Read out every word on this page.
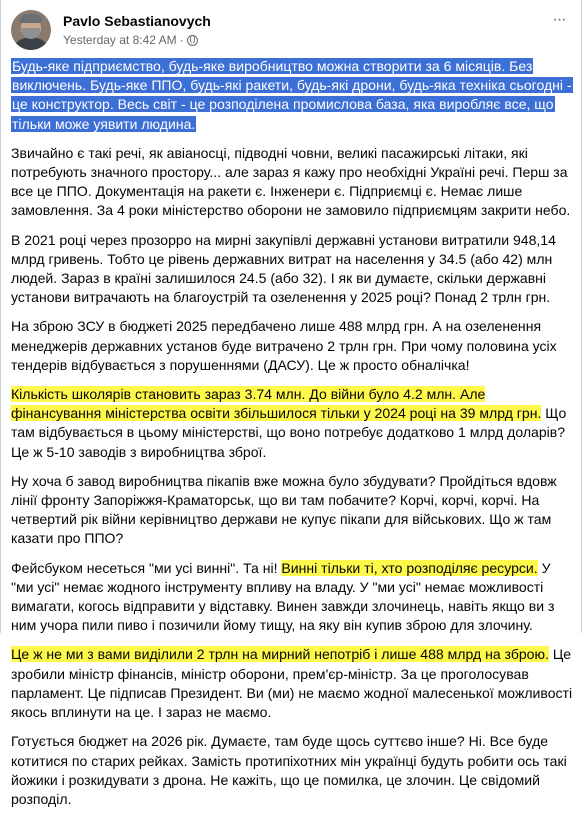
Pavlo Sebastianovych
Yesterday at 8:42 AM ·
···

Будь-яке підприємство, будь-яке виробництво можна створити за 6 місяців. Без виключень. Будь-яке ППО, будь-які ракети, будь-які дрони, будь-яка техніка сьогодні - це конструктор. Весь світ - це розподілена промислова база, яка виробляє все, що тільки може уявити людина.

Звичайно є такі речі, як авіаносці, підводні човни, великі пасажирські літаки, які потребують значного простору... але зараз я кажу про необхідні Україні речі. Перш за все це ППО. Документація на ракети є. Інженери є. Підприємці є. Немає лише замовлення. За 4 роки міністерство оборони не замовило підприємцям закрити небо.

В 2021 році через прозорро на мирні закупівлі державні установи витратили 948,14 млрд гривень. Тобто це рівень державних витрат на населення у 34.5 (або 42) млн людей. Зараз в країні залишилося 24.5 (або 32). І як ви думаєте, скільки державні установи витрачають на благоустрій та озеленення у 2025 році? Понад 2 трлн грн.

На зброю ЗСУ в бюджеті 2025 передбачено лише 488 млрд грн. А на озеленення менеджерів державних установ буде витрачено 2 трлн грн. При чому половина усіх тендерів відбувається з порушеннями (ДАСУ). Це ж просто обналічка!

Кількість школярів становить зараз 3.74 млн. До війни було 4.2 млн. Але фінансування міністерства освіти збільшилося тільки у 2024 році на 39 млрд грн. Що там відбувається в цьому міністерстві, що воно потребує додатково 1 млрд доларів? Це ж 5-10 заводів з виробництва зброї.

Ну хоча б завод виробництва пікапів вже можна було збудувати? Пройдіться вдовж лінії фронту Запоріжжя-Краматорськ, що ви там побачите? Корчі, корчі, корчі. На четвертий рік війни керівництво держави не купує пікапи для військових. Що ж там казати про ППО?

Фейсбуком несеться "ми усі винні". Та ні! Винні тільки ті, хто розподіляє ресурси. У "ми усі" немає жодного інструменту впливу на владу. У "ми усі" немає можливості вимагати, когось відправити у відставку. Винен завжди злочинець, навіть якщо ви з ним учора пили пиво і позичили йому тищу, на яку він купив зброю для злочину.

Це ж не ми з вами виділили 2 трлн на мирний непотріб і лише 488 млрд на зброю. Це зробили міністр фінансів, міністр оборони, прем'єр-міністр. За це проголосував парламент. Це підписав Президент. Ви (ми) не маємо жодної малесенької можливості якось вплинути на це. І зараз не маємо.

Готується бюджет на 2026 рік. Думаєте, там буде щось суттєво інше? Ні. Все буде котитися по старих рейках. Замість протипіхотних мін українці будуть робити ось такі йожики і розкидувати з дрона. Не кажіть, що це помилка, це злочин. Це свідомий розподіл.
